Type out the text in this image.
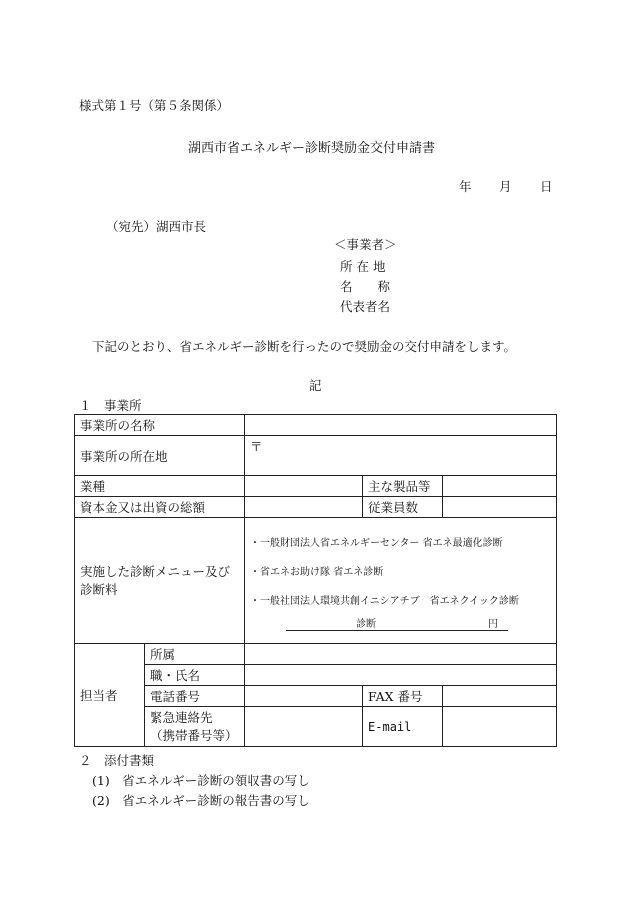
様式第１号（第５条関係）
湖西市省エネルギー診断奨励金交付申請書
年 月 日
（宛先）湖西市長
＜事業者＞
所 在 地
名　　称
代表者名
下記のとおり、省エネルギー診断を行ったので奨励金の交付申請をします。
記
１　事業所
事業所の名称				
事業所の所在地		〒		
業種			主な製品等	
資本金又は出資の総額			従業員数	
実施した診断メニュー及び診断料		・一般財団法人省エネルギーセンター 省エネ最適化診断
・省エネお助け隊 省エネ診断
・一般社団法人環境共創イニシアチブ　省エネクイック診断
診断 円		

担当者	所属			
	職・氏名			
	電話番号		FAX 番号	

	緊急連絡先
（携帯番号等）		E-mail	
２　添付書類
(1)　省エネルギー診断の領収書の写し
(2)　省エネルギー診断の報告書の写し
